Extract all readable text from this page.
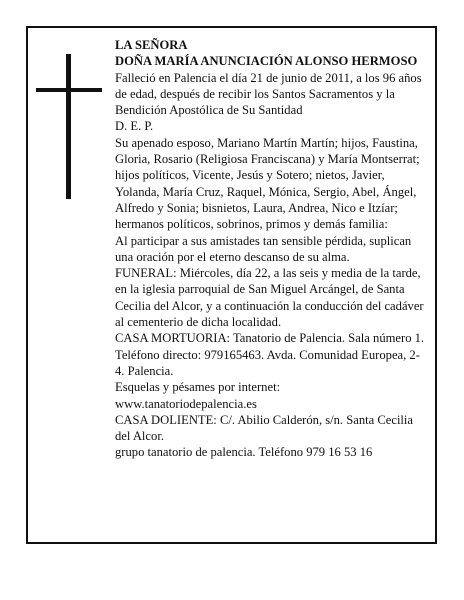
LA SEÑORA

DOÑA MARÍA ANUNCIACIÓN ALONSO HERMOSO

Falleció en Palencia el día 21 de junio de 2011, a los 96 años de edad, después de recibir los Santos Sacramentos y la Bendición Apostólica de Su Santidad

D. E. P.

Su apenado esposo, Mariano Martín Martín; hijos, Faustina, Gloria, Rosario (Religiosa Franciscana) y María Montserrat; hijos políticos, Vicente, Jesús y Sotero; nietos, Javier, Yolanda, María Cruz, Raquel, Mónica, Sergio, Abel, Ángel, Alfredo y Sonia; bisnietos, Laura, Andrea, Nico e Itzíar; hermanos políticos, sobrinos, primos y demás familia:

Al participar a sus amistades tan sensible pérdida, suplican una oración por el eterno descanso de su alma.

FUNERAL: Miércoles, día 22, a las seis y media de la tarde, en la iglesia parroquial de San Miguel Arcángel, de Santa Cecilia del Alcor, y a continuación la conducción del cadáver al cementerio de dicha localidad.

CASA MORTUORIA: Tanatorio de Palencia. Sala número 1. Teléfono directo: 979165463. Avda. Comunidad Europea, 2-4. Palencia.

Esquelas y pésames por internet:

www.tanatoriodepalencia.es

CASA DOLIENTE: C/. Abilio Calderón, s/n. Santa Cecilia del Alcor.

grupo tanatorio de palencia. Teléfono 979 16 53 16
